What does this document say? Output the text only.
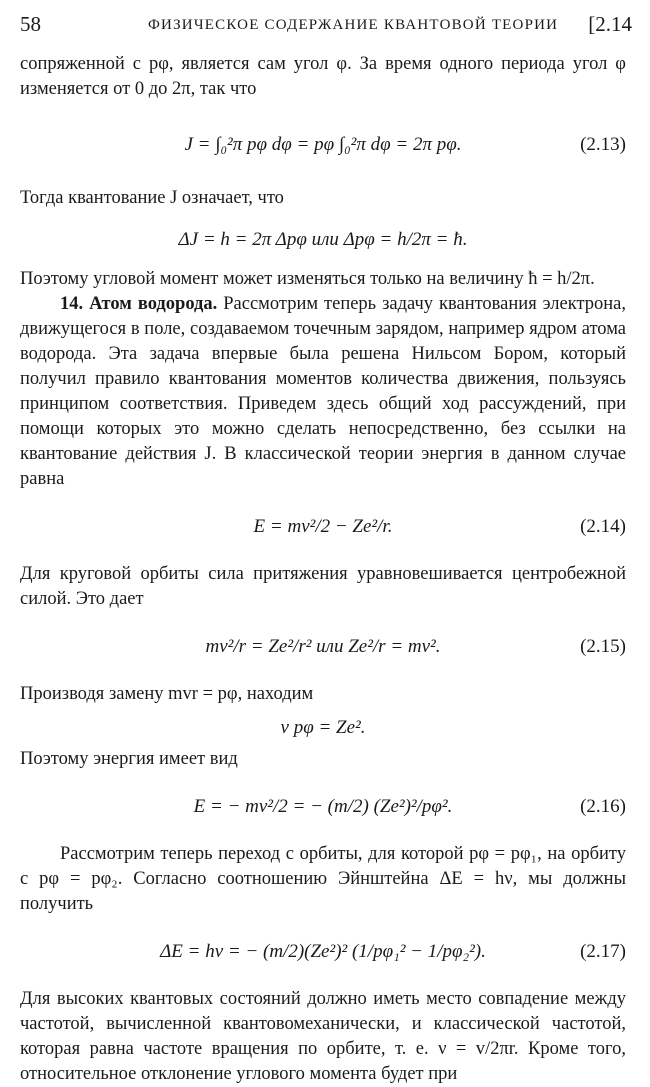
58	ФИЗИЧЕСКОЕ СОДЕРЖАНИЕ КВАНТОВОЙ ТЕОРИИ [2.14

сопряженной с pφ, является сам угол φ. За время одного периода угол φ изменяется от 0 до 2π, так что

J = ∫₀²π pφ dφ = pφ ∫₀²π dφ = 2π pφ.	(2.13)

Тогда квантование J означает, что

ΔJ = h = 2π Δpφ или Δpφ = h/2π = ħ.

Поэтому угловой момент может изменяться только на величину ħ = h/2π.

14. Атом водорода. Рассмотрим теперь задачу квантования электрона, движущегося в поле, создаваемом точечным зарядом, например ядром атома водорода. Эта задача впервые была решена Нильсом Бором, который получил правило квантования моментов количества движения, пользуясь принципом соответствия. Приведем здесь общий ход рассуждений, при помощи которых это можно сделать непосредственно, без ссылки на квантование действия J. В классической теории энергия в данном случае равна

E = mv²/2 − Ze²/r.	(2.14)

Для круговой орбиты сила притяжения уравновешивается центробежной силой. Это дает

mv²/r = Ze²/r² или Ze²/r = mv².	(2.15)

Производя замену mvr = pφ, находим

v pφ = Ze².

Поэтому энергия имеет вид

E = − mv²/2 = − (m/2) (Ze²)²/pφ².	(2.16)

Рассмотрим теперь переход с орбиты, для которой pφ = pφ₁, на орбиту с pφ = pφ₂. Согласно соотношению Эйнштейна ΔE = hν, мы должны получить

ΔE = hν = − (m/2)(Ze²)² (1/pφ₁² − 1/pφ₂²).	(2.17)

Для высоких квантовых состояний должно иметь место совпадение между частотой, вычисленной квантовомеханически, и классической частотой, которая равна частоте вращения по орбите, т. е. ν = v/2πr. Кроме того, относительное отклонение углового момента будет при
